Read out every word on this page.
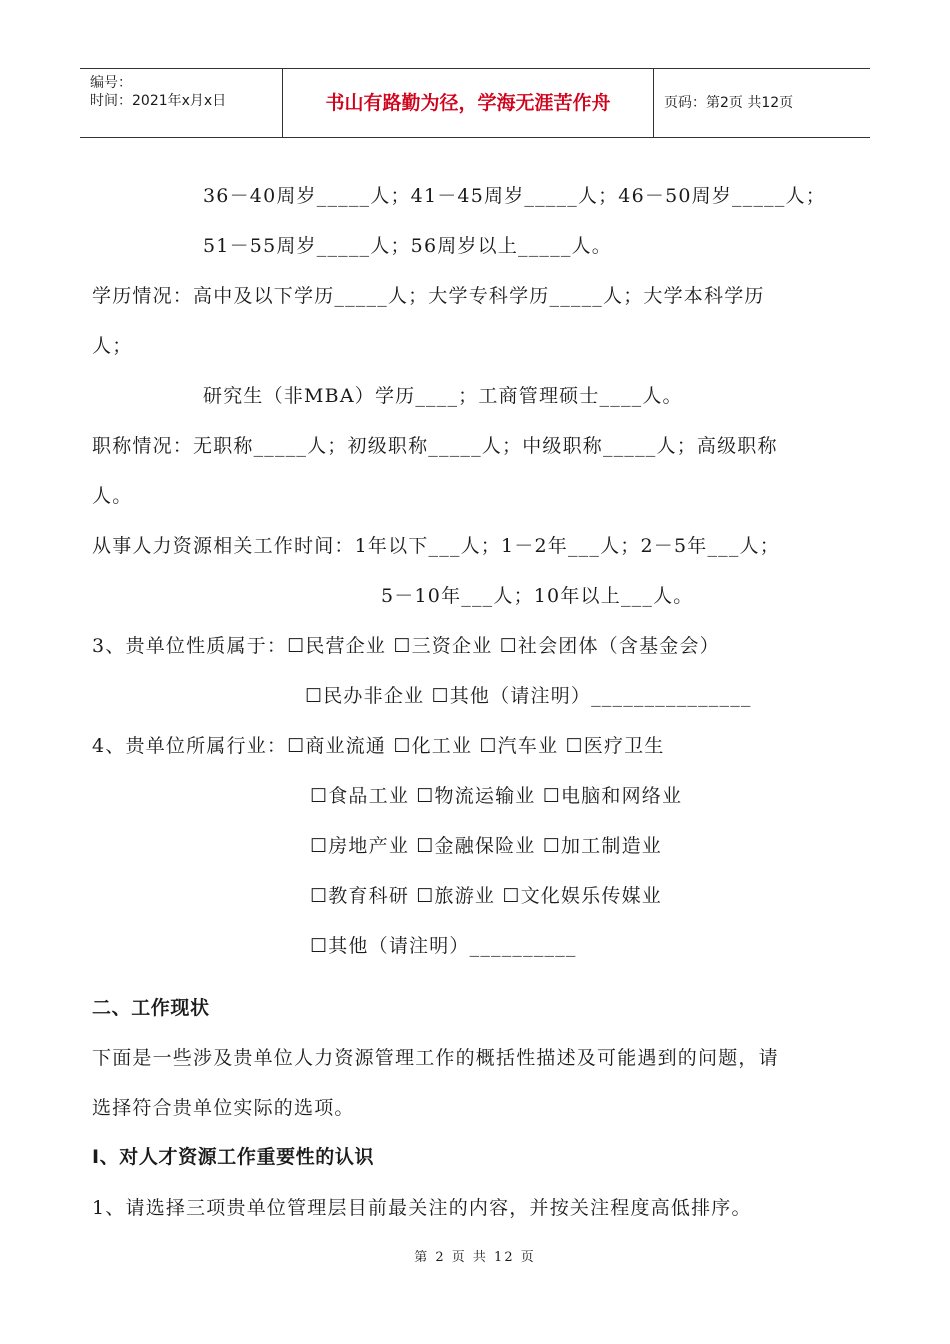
编号：
时间：2021年x月x日	书山有路勤为径，学海无涯苦作舟	页码：第2页 共12页
36－40周岁_____人；41－45周岁_____人；46－50周岁_____人；
51－55周岁_____人；56周岁以上_____人。
学历情况：高中及以下学历_____人；大学专科学历_____人；大学本科学历
人；
研究生（非MBA）学历____；工商管理硕士____人。
职称情况：无职称_____人；初级职称_____人；中级职称_____人；高级职称
人。
从事人力资源相关工作时间：1年以下___人；1－2年___人；2－5年___人；
5－10年___人；10年以上___人。
3、贵单位性质属于：☐民营企业 ☐三资企业 ☐社会团体（含基金会）
☐民办非企业 ☐其他（请注明）_______________
4、贵单位所属行业：☐商业流通 ☐化工业 ☐汽车业 ☐医疗卫生
☐食品工业 ☐物流运输业 ☐电脑和网络业
☐房地产业 ☐金融保险业 ☐加工制造业
☐教育科研 ☐旅游业 ☐文化娱乐传媒业
☐其他（请注明）__________
二、工作现状
下面是一些涉及贵单位人力资源管理工作的概括性描述及可能遇到的问题，请
选择符合贵单位实际的选项。
Ⅰ、对人才资源工作重要性的认识
1、请选择三项贵单位管理层目前最关注的内容，并按关注程度高低排序。
第 2 页 共 12 页
